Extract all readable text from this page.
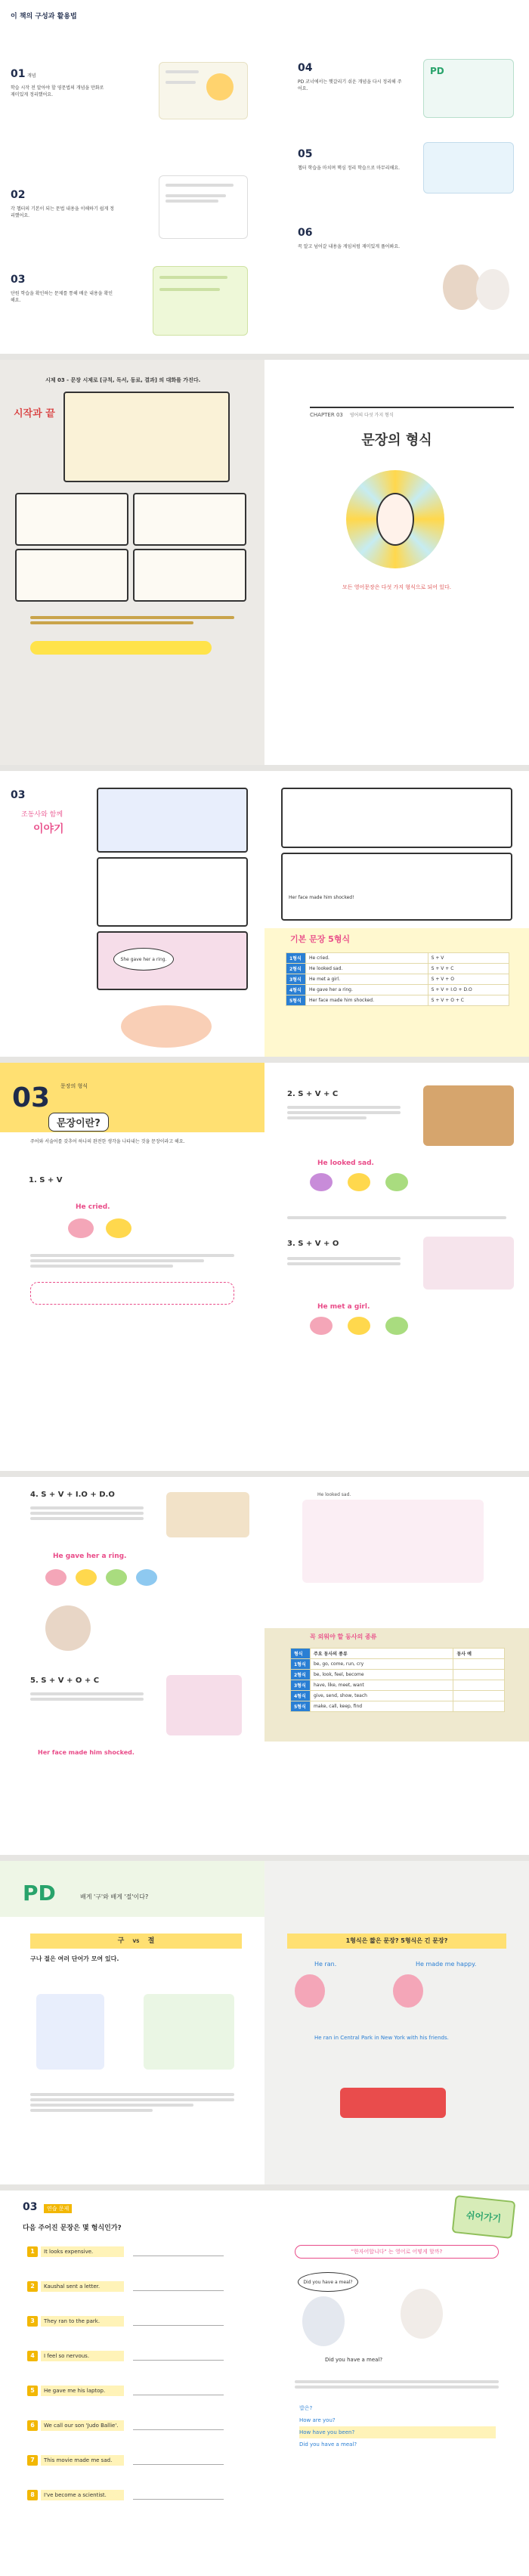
이 책의 구성과 활용법
01 개념
학습 시작 전 알아야 할 영문법의 개념을 만화로 재미있게 정리했어요.
02
각 챕터의 기본이 되는 문법 내용을 이해하기 쉽게 정리했어요.
03
단원 학습을 확인하는 문제를 통해 배운 내용을 확인해요.
04
PD 코너에서는 헷갈리기 쉬운 개념을 다시 정리해 주어요.
PD
05
챕터 학습을 마치며 핵심 정리 학습으로 마무리해요.
06
꼭 알고 넘어갈 내용을 게임처럼 재미있게 풀어봐요.
시제 03 - 문장 시제로 [규칙, 독서, 동료, 결과] 의 대화를 가진다.
시작과 끝	CHAPTER 03 영어의 다섯 가지 형식
문장의 형식
모든 영어문장은 다섯 가지 형식으로 되어 있다.
03
조동사와 함께
이야기
She gave her a ring.
Her face made him shocked!
기본 문장 5형식
1형식	He cried.	S + V
2형식	He looked sad.	S + V + C
3형식	He met a girl.	S + V + O
4형식	He gave her a ring.	S + V + I.O + D.O
5형식	Her face made him shocked.	S + V + O + C
03 문장의 형식
문장이란?
주어와 서술어를 갖추어 하나의 완전한 생각을 나타내는 것을 문장이라고 해요.
1. S + V
He cried.
2. S + V + C
He looked sad.
3. S + V + O
He met a girl.
4. S + V + I.O + D.O
He gave her a ring.
5. S + V + O + C
Her face made him shocked.
He looked sad.
꼭 외워야 할 동사의 종류
형식	주요 동사의 종류	동사 예
1형식	be, go, come, run, cry	
2형식	be, look, feel, become	
3형식	have, like, meet, want	
4형식	give, send, show, teach	
5형식	make, call, keep, find	
PD	배게 '구'와 배게 '절'이다?
구 VS 절
구나 절은 여러 단어가 모여 있다.
1형식은 짧은 문장? 5형식은 긴 문장?
He ran.	He made me happy.
He ran in Central Park in New York with his friends.
03	연습 문제
다음 주어진 문장은 몇 형식인가?
1	It looks expensive.
2	Kaushal sent a letter.
3	They ran to the park.
4	I feel so nervous.
5	He gave me his laptop.
6	We call our son 'Judo Ballie'.
7	This movie made me sad.
8	I've become a scientist.
쉬어가기
"한자어합니다" 는 영어로 어떻게 할까?
Did you have a meal?
Did you have a meal?
밥은?
How are you?
How have you been?
Did you have a meal?
